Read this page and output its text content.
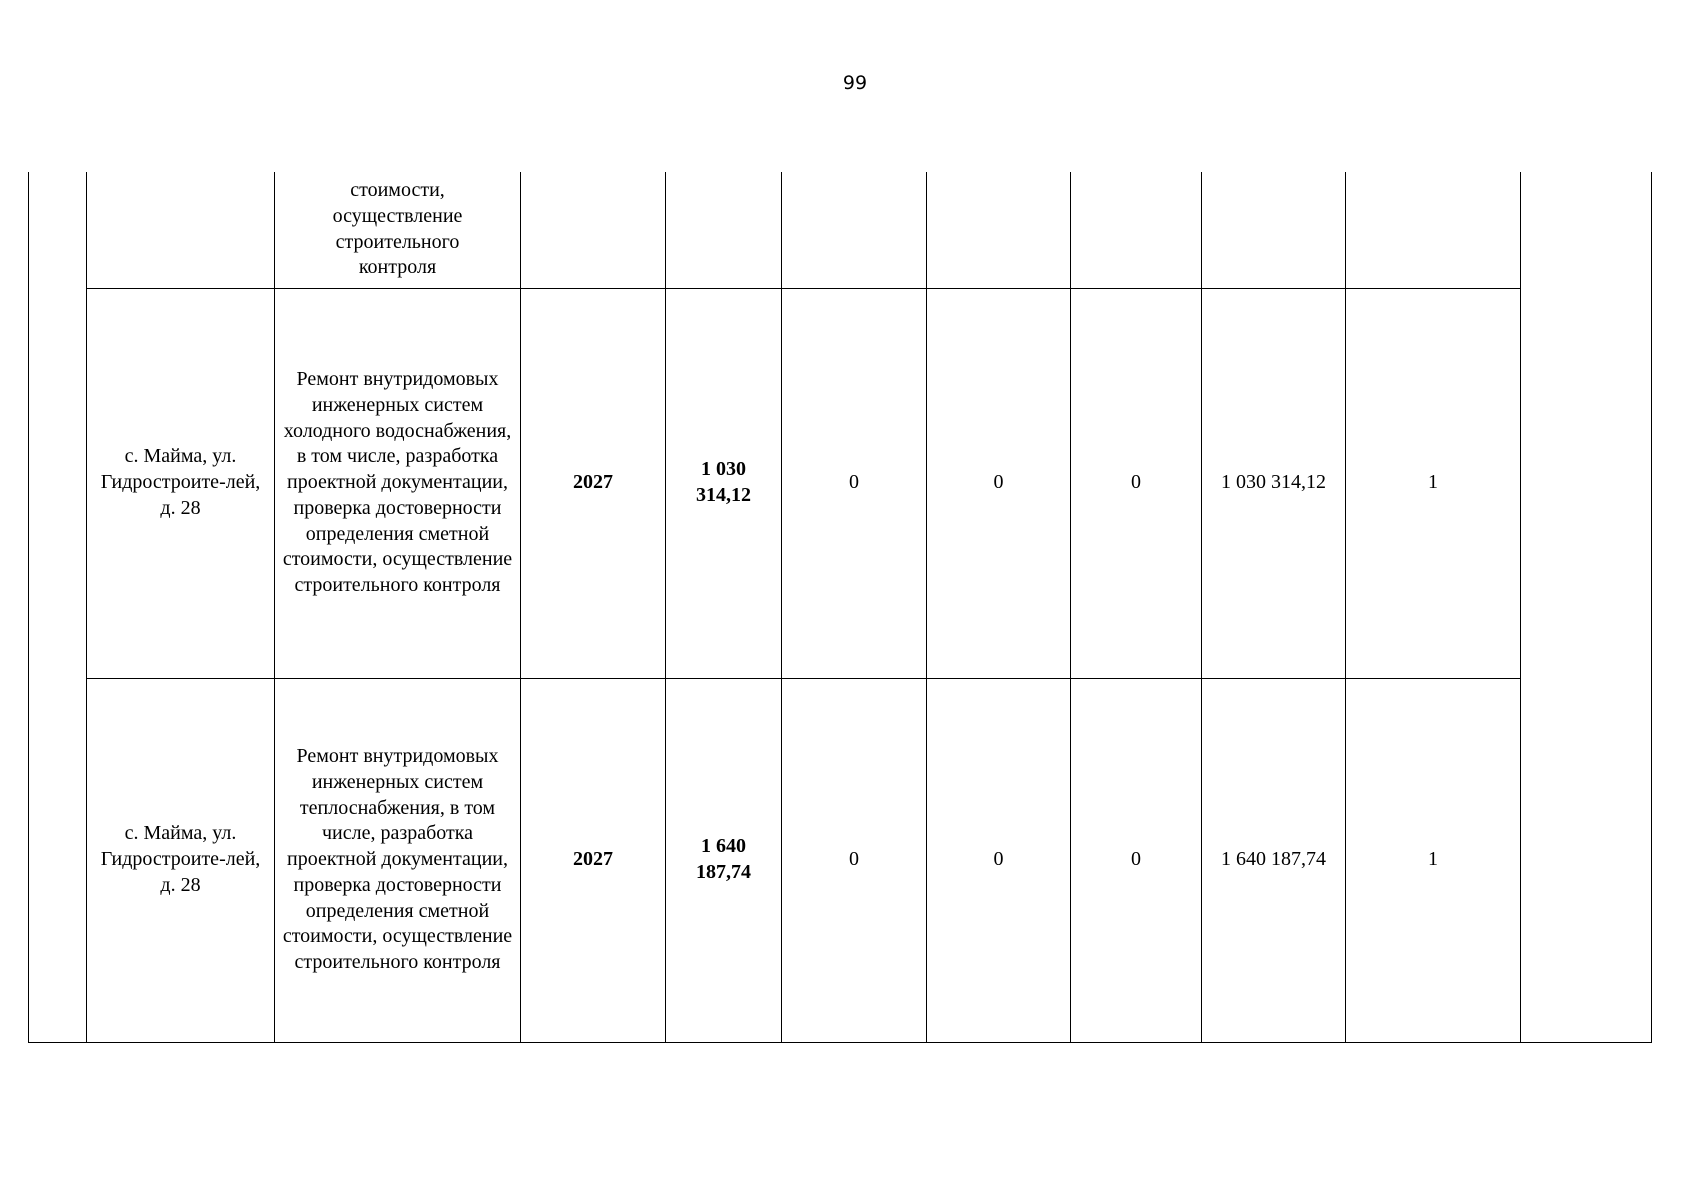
99
		стоимости,
осуществление
строительного
контроля								
	с. Майма, ул. Гидростроите-лей, д. 28	Ремонт внутридомовых инженерных систем холодного водоснабжения, в том числе, разработка проектной документации, проверка достоверности определения сметной стоимости, осуществление строительного контроля	2027	1 030 314,12	0	0	0	1 030 314,12	1	
	с. Майма, ул. Гидростроите-лей, д. 28	Ремонт внутридомовых инженерных систем теплоснабжения, в том числе, разработка проектной документации, проверка достоверности определения сметной стоимости, осуществление строительного контроля	2027	1 640 187,74	0	0	0	1 640 187,74	1	
